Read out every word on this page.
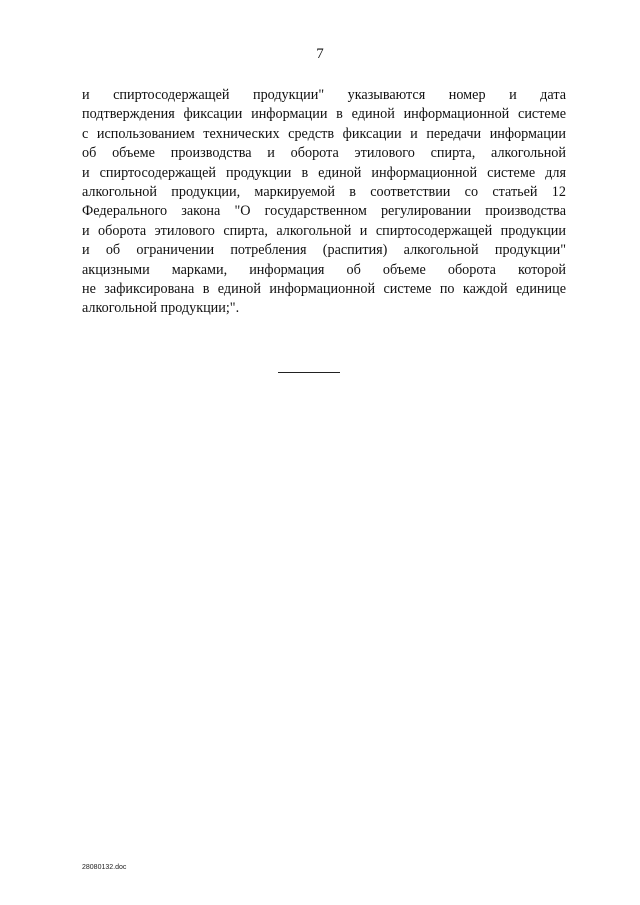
7
и спиртосодержащей продукции" указываются номер и дата
подтверждения фиксации информации в единой информационной системе
с использованием технических средств фиксации и передачи информации
об объеме производства и оборота этилового спирта, алкогольной
и спиртосодержащей продукции в единой информационной системе для
алкогольной продукции, маркируемой в соответствии со статьей 12
Федерального закона "О государственном регулировании производства
и оборота этилового спирта, алкогольной и спиртосодержащей продукции
и об ограничении потребления (распития) алкогольной продукции"
акцизными марками, информация об объеме оборота которой
не зафиксирована в единой информационной системе по каждой единице
алкогольной продукции;".
28080132.doc
